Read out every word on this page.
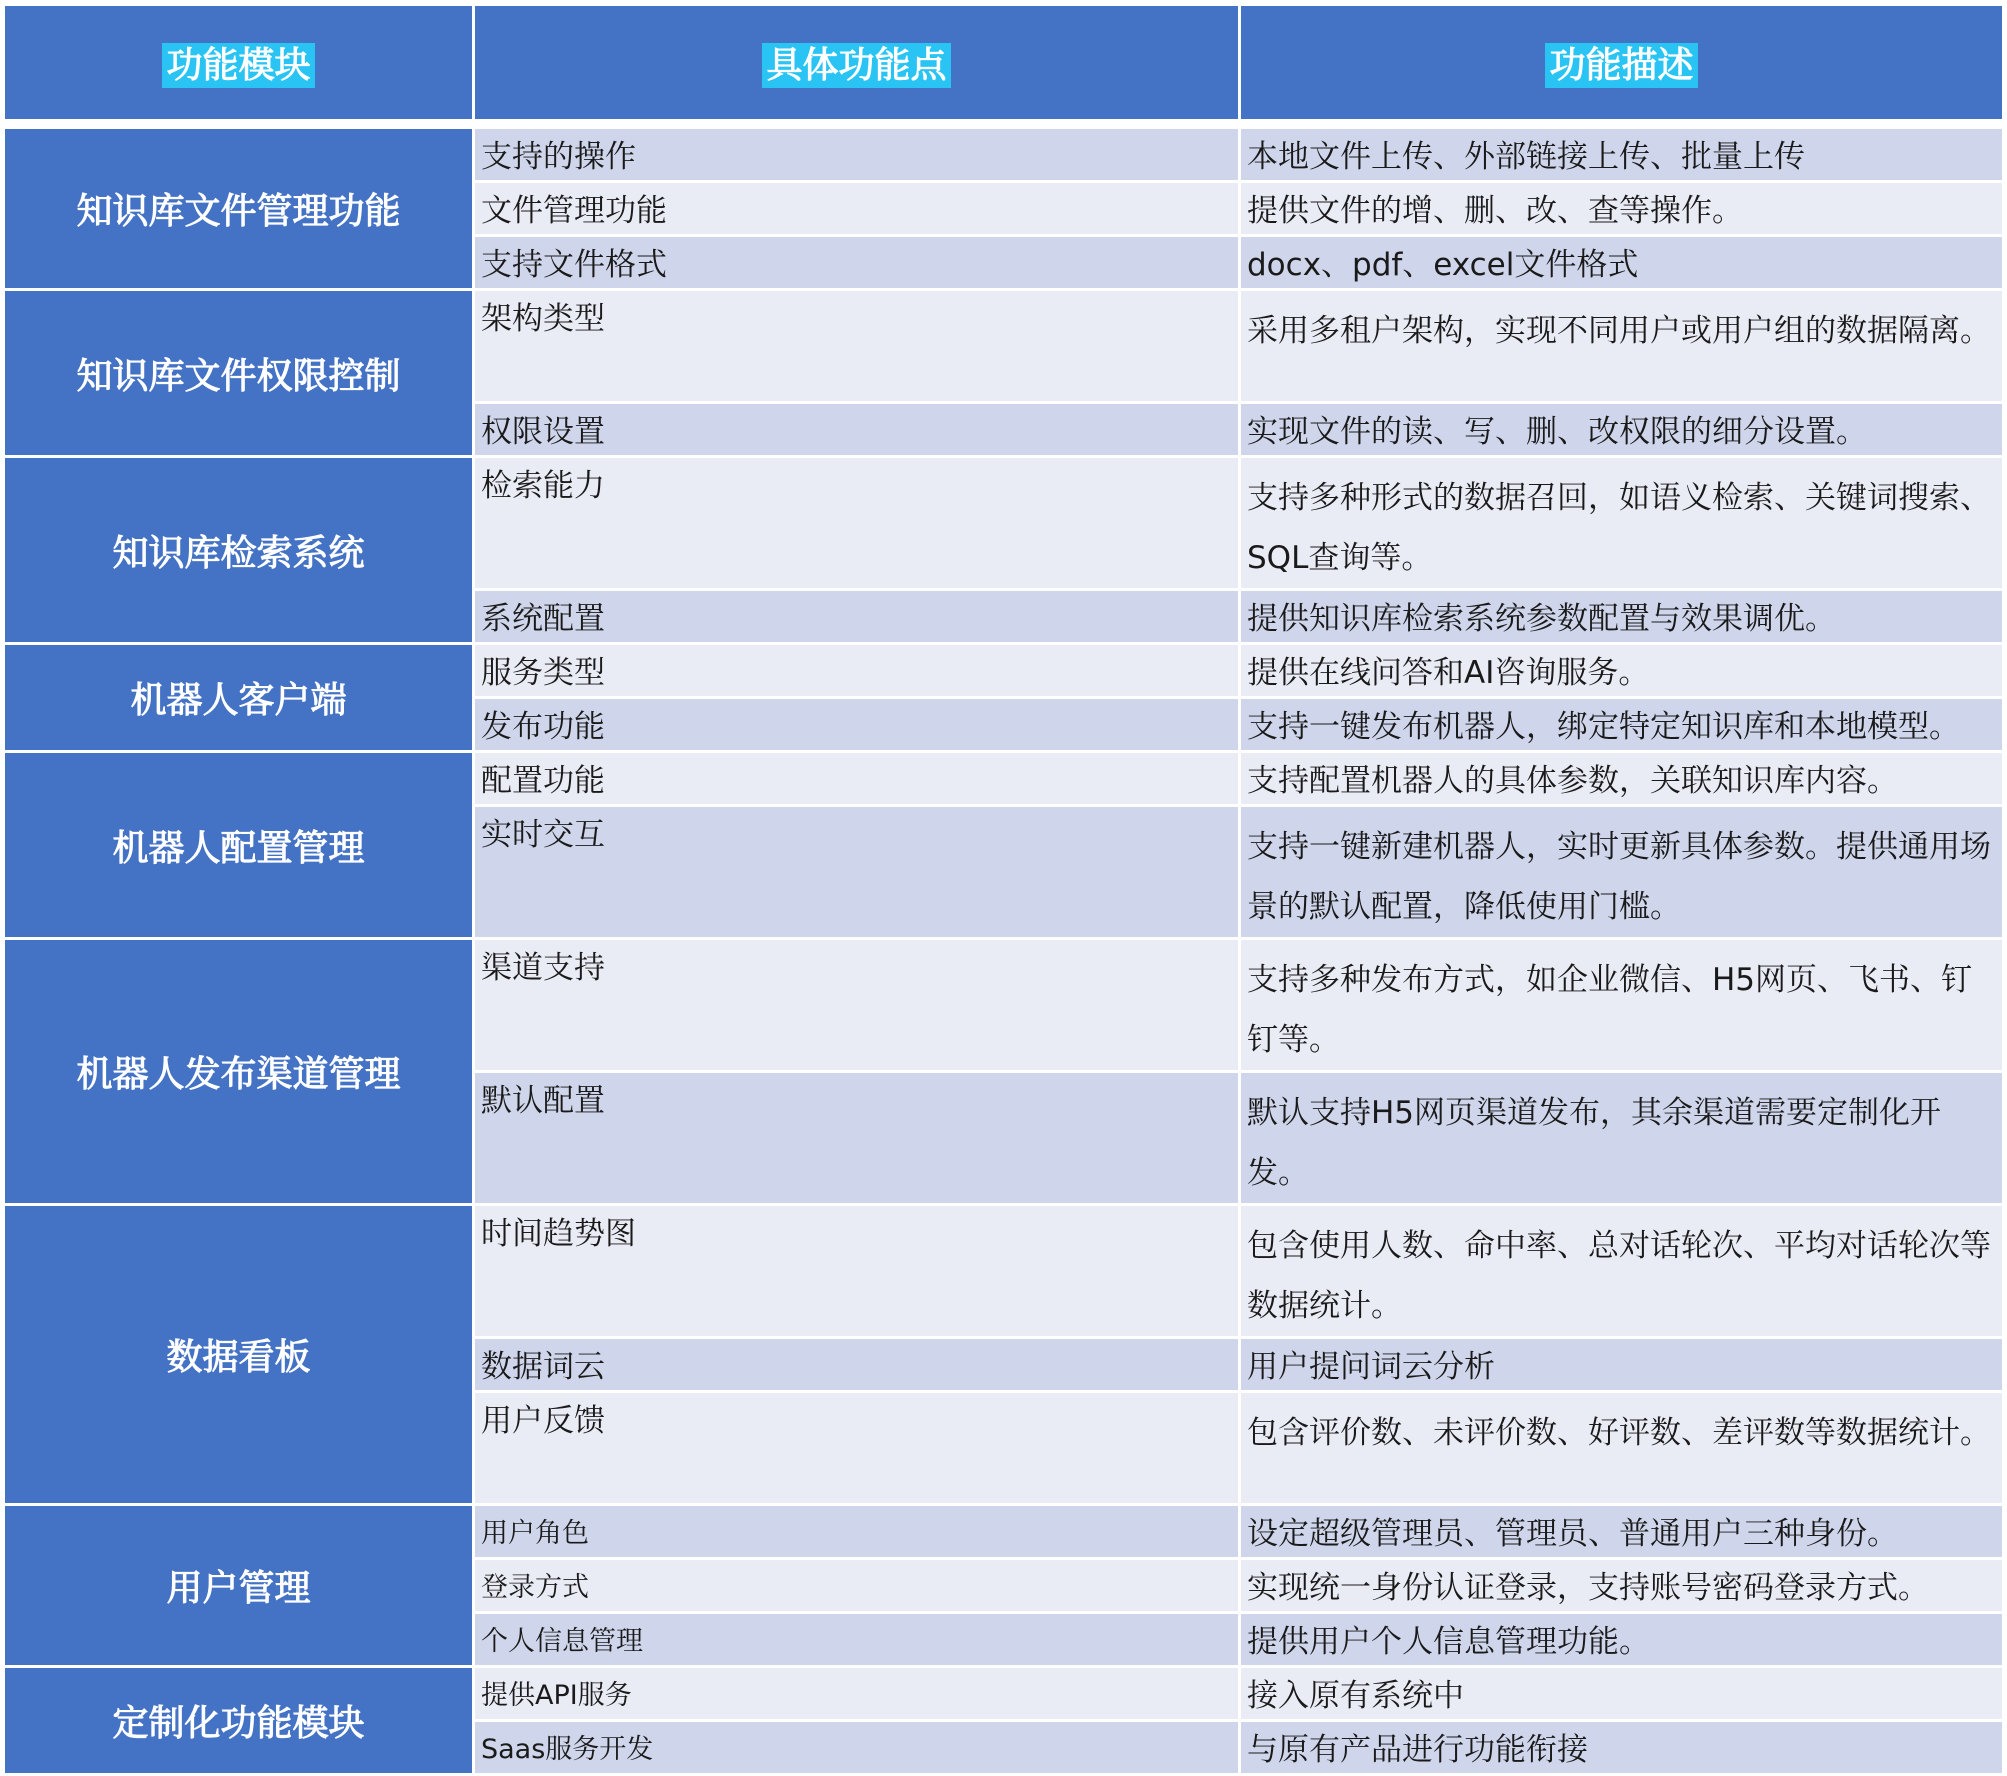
功能模块	具体功能点	功能描述

知识库文件管理功能	支持的操作	本地文件上传、外部链接上传、批量上传
	文件管理功能	提供文件的增、删、改、查等操作。
	支持文件格式	docx、pdf、excel文件格式
知识库文件权限控制	架构类型	采用多租户架构，实现不同用户或用户组的数据隔离。
	权限设置	实现文件的读、写、删、改权限的细分设置。
知识库检索系统	检索能力	支持多种形式的数据召回，如语义检索、关键词搜索、SQL查询等。
	系统配置	提供知识库检索系统参数配置与效果调优。
机器人客户端	服务类型	提供在线问答和AI咨询服务。
	发布功能	支持一键发布机器人，绑定特定知识库和本地模型。
机器人配置管理	配置功能	支持配置机器人的具体参数，关联知识库内容。
	实时交互	支持一键新建机器人，实时更新具体参数。提供通用场景的默认配置，降低使用门槛。
机器人发布渠道管理	渠道支持	支持多种发布方式，如企业微信、H5网页、飞书、钉钉等。
	默认配置	默认支持H5网页渠道发布，其余渠道需要定制化开发。
数据看板	时间趋势图	包含使用人数、命中率、总对话轮次、平均对话轮次等数据统计。
	数据词云	用户提问词云分析
	用户反馈	包含评价数、未评价数、好评数、差评数等数据统计。
用户管理	用户角色	设定超级管理员、管理员、普通用户三种身份。
	登录方式	实现统一身份认证登录，支持账号密码登录方式。
	个人信息管理	提供用户个人信息管理功能。
定制化功能模块	提供API服务	接入原有系统中
	Saas服务开发	与原有产品进行功能衔接
